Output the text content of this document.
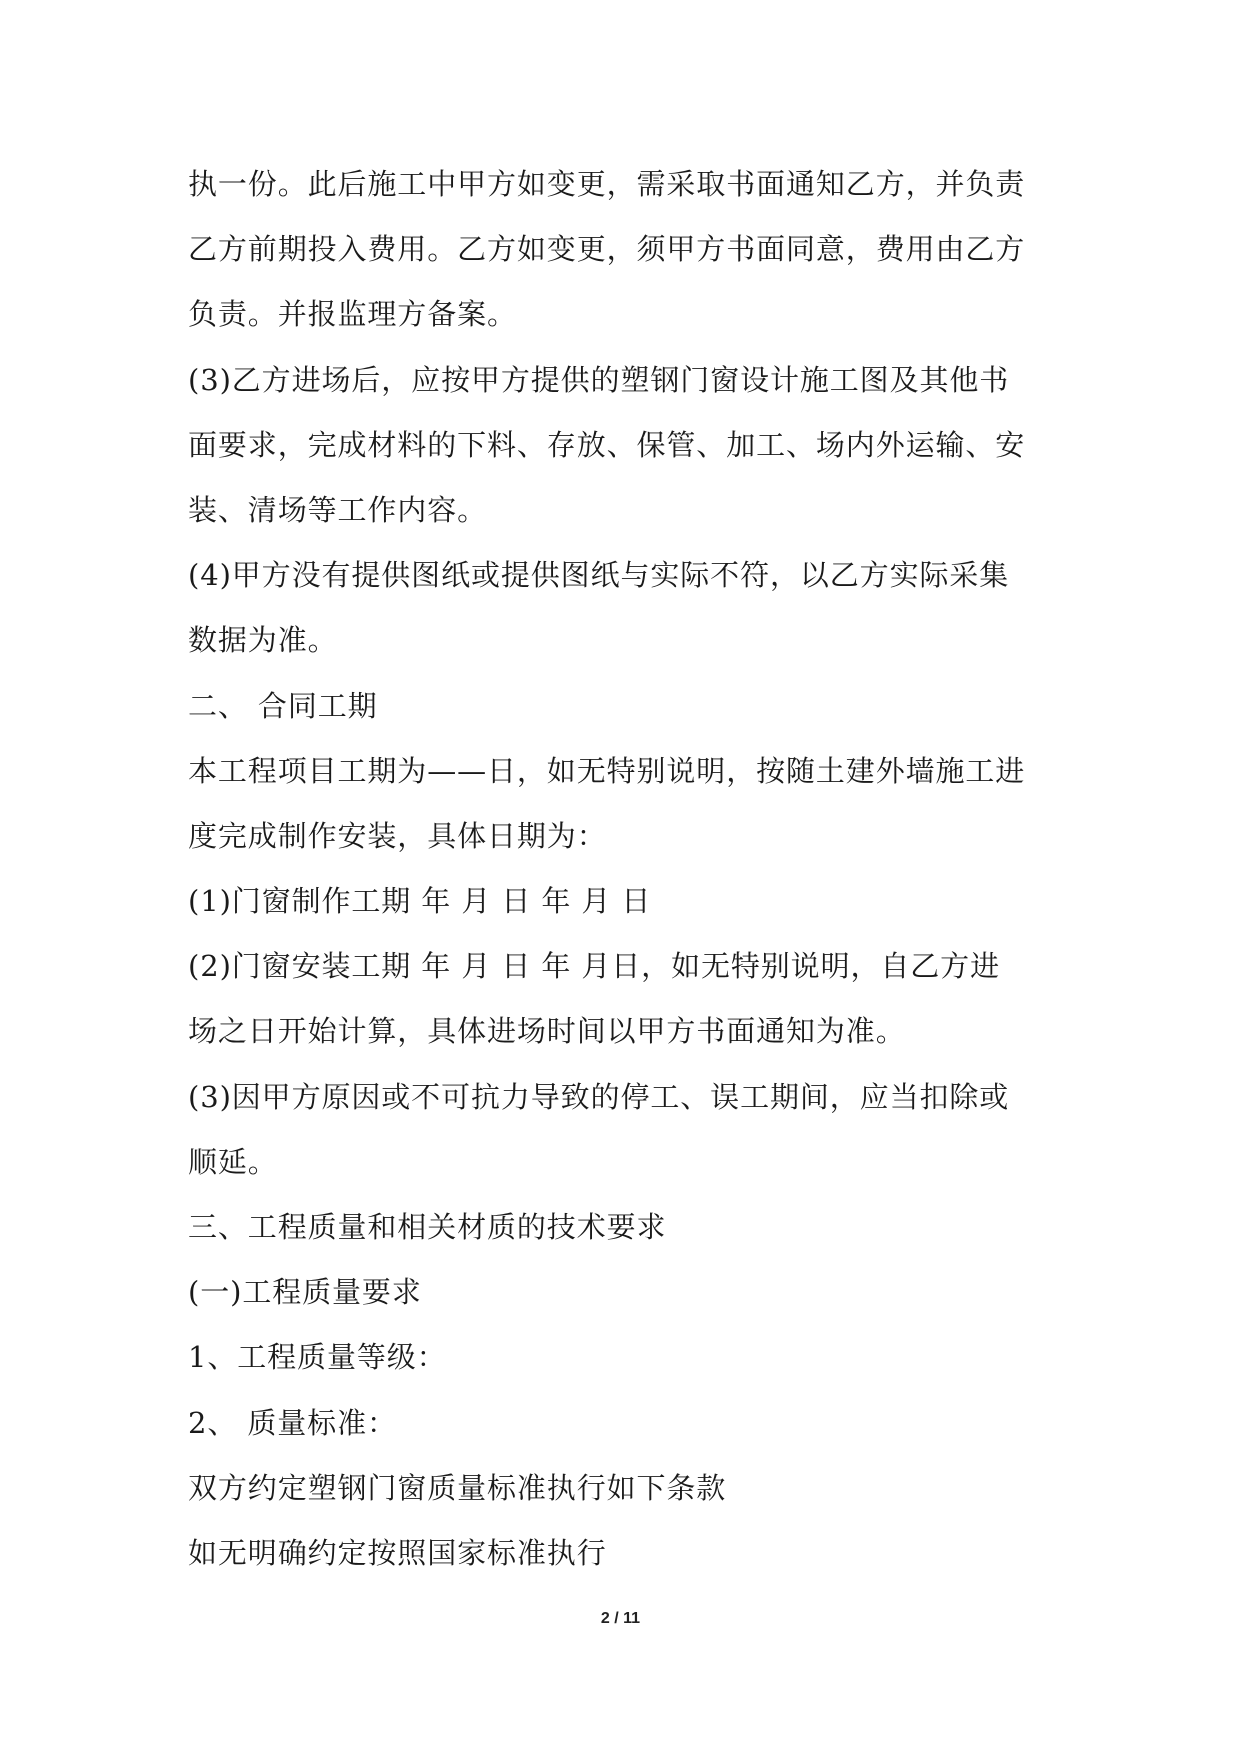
执一份。此后施工中甲方如变更，需采取书面通知乙方，并负责
乙方前期投入费用。乙方如变更，须甲方书面同意，费用由乙方
负责。并报监理方备案。
(3)乙方进场后，应按甲方提供的塑钢门窗设计施工图及其他书
面要求，完成材料的下料、存放、保管、加工、场内外运输、安
装、清场等工作内容。
(4)甲方没有提供图纸或提供图纸与实际不符，以乙方实际采集
数据为准。
二、 合同工期
本工程项目工期为——日，如无特别说明，按随土建外墙施工进
度完成制作安装，具体日期为：
(1)门窗制作工期 年 月 日 年 月 日
(2)门窗安装工期 年 月 日 年 月日，如无特别说明，自乙方进
场之日开始计算，具体进场时间以甲方书面通知为准。
(3)因甲方原因或不可抗力导致的停工、误工期间，应当扣除或
顺延。
三、工程质量和相关材质的技术要求
(一)工程质量要求
1、工程质量等级：
2、 质量标准：
双方约定塑钢门窗质量标准执行如下条款
如无明确约定按照国家标准执行
2 / 11
